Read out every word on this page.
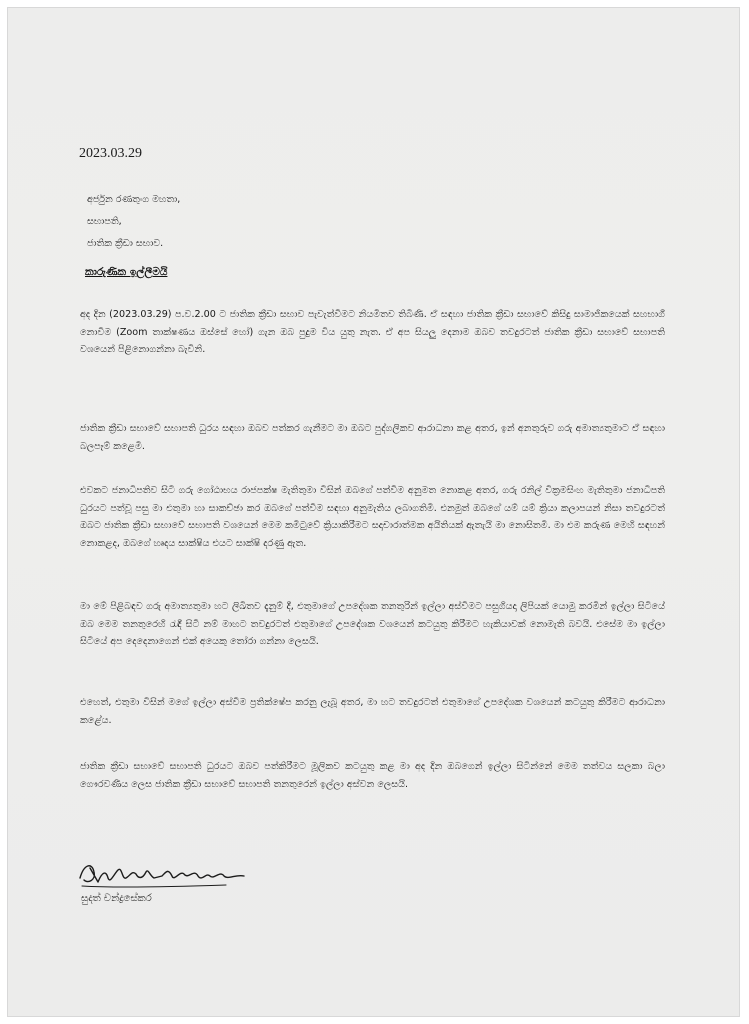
2023.03.29
අර්ජුන රණතුංග මහතා,
සභාපති,
ජාතික ක්‍රීඩා සභාව.
කාරුණික ඉල්ලීමයි

අද දින (2023.03.29) ප.ව.2.00 ට ජාතික ක්‍රීඩා සභාව පැවැත්වීමට නියමිතව තිබිණි. ඒ සඳහා ජාතික ක්‍රීඩා සභාවේ කිසිදු සාමාජිකයෙක් සහභාගී නොවීම (Zoom තාක්ෂණය ඔස්සේ හෝ) ගැන ඔබ පුදුම විය යුතු නැත. ඒ අප සියලු දෙනාම ඔබව තවදුරටත් ජාතික ක්‍රීඩා සභාවේ සභාපති වශයෙන් පිළිනොගන්නා බැවිනි.

ජාතික ක්‍රීඩා සභාවේ සභාපති ධුරය සඳහා ඔබව පත්කර ගැනීමට මා ඔබට පුද්ගලිකව ආරාධනා කළ අතර, ඉන් අනතුරුව ගරු අමාත්‍යතුමාට ඒ සඳහා බලපෑම් කළෙමි.

එවකට ජනාධිපතිව සිටි ගරු ගෝඨාභය රාජපක්ෂ මැතිතුමා විසින් ඔබගේ පත්වීම අනුමත නොකළ අතර, ගරු රනිල් වික්‍රමසිංහ මැතිතුමා ජනාධිපති ධුරයට පත්වූ පසු මා එතුමා හා සාකච්ඡා කර ඔබගේ පත්වීම සඳහා අනුමැතිය ලබාගතිමි. එනමුත් ඔබගේ යම් යම් ක්‍රියා කලාපයන් නිසා තවදුරටත් ඔබට ජාතික ක්‍රීඩා සභාවේ සභාපති වශයෙන් මෙම කමිටුවේ ක්‍රියාකිරීමට සදාචාරාත්මක අයිතියක් ඇතැයි මා නොසිතමි. මා එම කරුණ මෙහි සඳහන් නොකළද, ඔබගේ හෘදය සාක්ෂිය එයට සාක්ෂි දරණු ඇත.

මා මේ පිළිබඳව ගරු අමාත්‍යතුමා හට ලිඛිතව දැනුම් දී, එතුමාගේ උපදේශක තනතුරින් ඉල්ලා අස්වීමට පසුගියදා ලිපියක් යොමු කරමින් ඉල්ලා සිටියේ ඔබ මෙම තනතුරෙහි රැඳී සිටී නම් මාහට තවදුරටත් එතුමාගේ උපදේශක වශයෙන් කටයුතු කිරීමට හැකියාවක් නොමැති බවයි. එසේම මා ඉල්ලා සිටියේ අප දෙදෙනාගෙන් එක් අයෙකු තෝරා ගන්නා ලෙසයි.

එහෙත්, එතුමා විසින් මගේ ඉල්ලා අස්වීම ප්‍රතික්ෂේප කරනු ලැබූ අතර, මා හට තවදුරටත් එතුමාගේ උපදේශක වශයෙන් කටයුතු කිරීමට ආරාධනා කළේය.

ජාතික ක්‍රීඩා සභාවේ සභාපති ධුරයට ඔබව පත්කිරීමට මූලිකව කටයුතු කළ මා අද දින ඔබගෙන් ඉල්ලා සිටින්නේ මෙම තත්වය සලකා බලා ගෞරවණීය ලෙස ජාතික ක්‍රීඩා සභාවේ සභාපති තනතුරෙන් ඉල්ලා අස්වන ලෙසයි.

සුදත් චන්ද්‍රසේකර
